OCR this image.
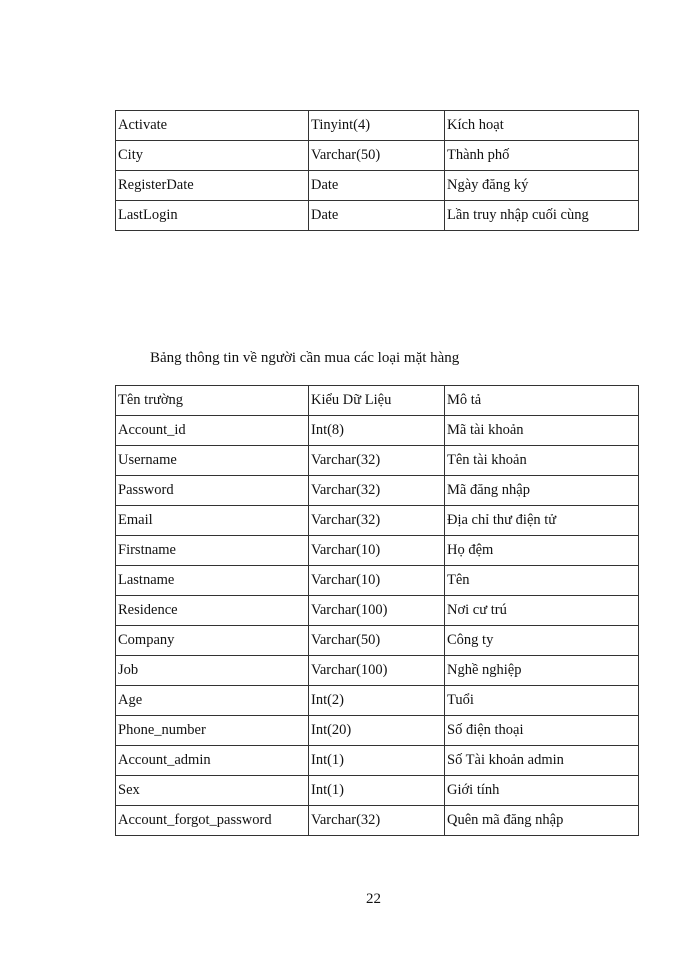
Activate	Tinyint(4)	Kích hoạt
City	Varchar(50)	Thành phố
RegisterDate	Date	Ngày đăng ký
LastLogin	Date	Lần truy nhập cuối cùng
Bảng thông tin về người cần mua các loại mặt hàng
Tên trường	Kiểu Dữ Liệu	Mô tả
Account_id	Int(8)	Mã tài khoản
Username	Varchar(32)	Tên tài khoản
Password	Varchar(32)	Mã đăng nhập
Email	Varchar(32)	Địa chỉ thư điện tử
Firstname	Varchar(10)	Họ đệm
Lastname	Varchar(10)	Tên
Residence	Varchar(100)	Nơi cư trú
Company	Varchar(50)	Công ty
Job	Varchar(100)	Nghề nghiệp
Age	Int(2)	Tuổi
Phone_number	Int(20)	Số điện thoại
Account_admin	Int(1)	Số Tài khoản admin
Sex	Int(1)	Giới tính
Account_forgot_password	Varchar(32)	Quên mã đăng nhập
22
